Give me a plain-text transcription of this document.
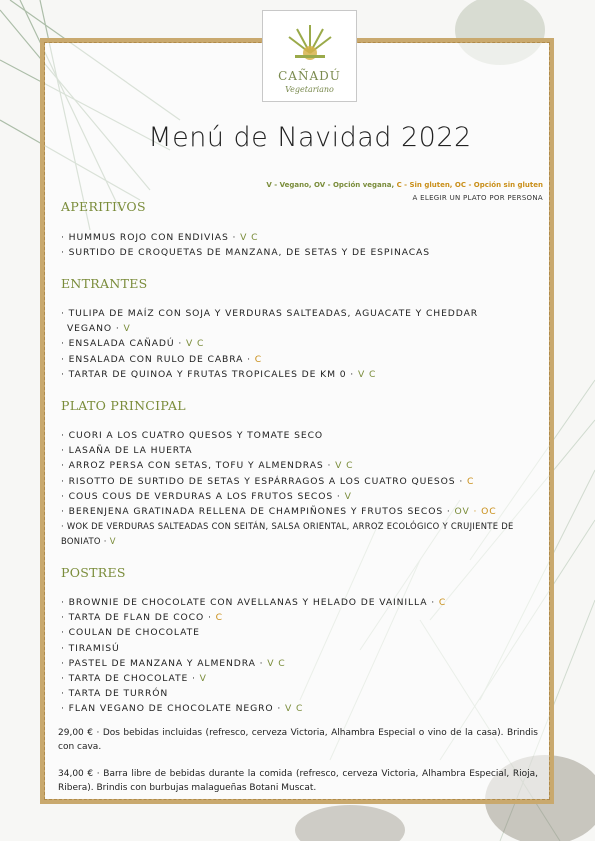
CAÑADÚ
Vegetariano
Menú de Navidad 2022
V - Vegano, OV - Opción vegana, C - Sin gluten, OC - Opción sin gluten
A ELEGIR UN PLATO POR PERSONA
APERITIVOS
· HUMMUS ROJO CON ENDIVIAS · V C
· SURTIDO DE CROQUETAS DE MANZANA, DE SETAS Y DE ESPINACAS
ENTRANTES
· TULIPA DE MAÍZ CON SOJA Y VERDURAS SALTEADAS, AGUACATE Y CHEDDAR
VEGANO · V
· ENSALADA CAÑADÚ · V C
· ENSALADA CON RULO DE CABRA · C
· TARTAR DE QUINOA Y FRUTAS TROPICALES DE KM 0 · V C
PLATO PRINCIPAL
· CUORI A LOS CUATRO QUESOS Y TOMATE SECO
· LASAÑA DE LA HUERTA
· ARROZ PERSA CON SETAS, TOFU Y ALMENDRAS · V C
· RISOTTO DE SURTIDO DE SETAS Y ESPÁRRAGOS A LOS CUATRO QUESOS · C
· COUS COUS DE VERDURAS A LOS FRUTOS SECOS · V
· BERENJENA GRATINADA RELLENA DE CHAMPIÑONES Y FRUTOS SECOS · OV · OC
· WOK DE VERDURAS SALTEADAS CON SEITÁN, SALSA ORIENTAL, ARROZ ECOLÓGICO Y CRUJIENTE DE BONIATO · V
POSTRES
· BROWNIE DE CHOCOLATE CON AVELLANAS Y HELADO DE VAINILLA · C
· TARTA DE FLAN DE COCO · C
· COULAN DE CHOCOLATE
· TIRAMISÚ
· PASTEL DE MANZANA Y ALMENDRA · V C
· TARTA DE CHOCOLATE · V
· TARTA DE TURRÓN
· FLAN VEGANO DE CHOCOLATE NEGRO · V C
29,00 € · Dos bebidas incluidas (refresco, cerveza Victoria, Alhambra Especial o vino de la casa). Brindis con cava.
34,00 € · Barra libre de bebidas durante la comida (refresco, cerveza Victoria, Alhambra Especial, Rioja, Ribera). Brindis con burbujas malagueñas Botani Muscat.
